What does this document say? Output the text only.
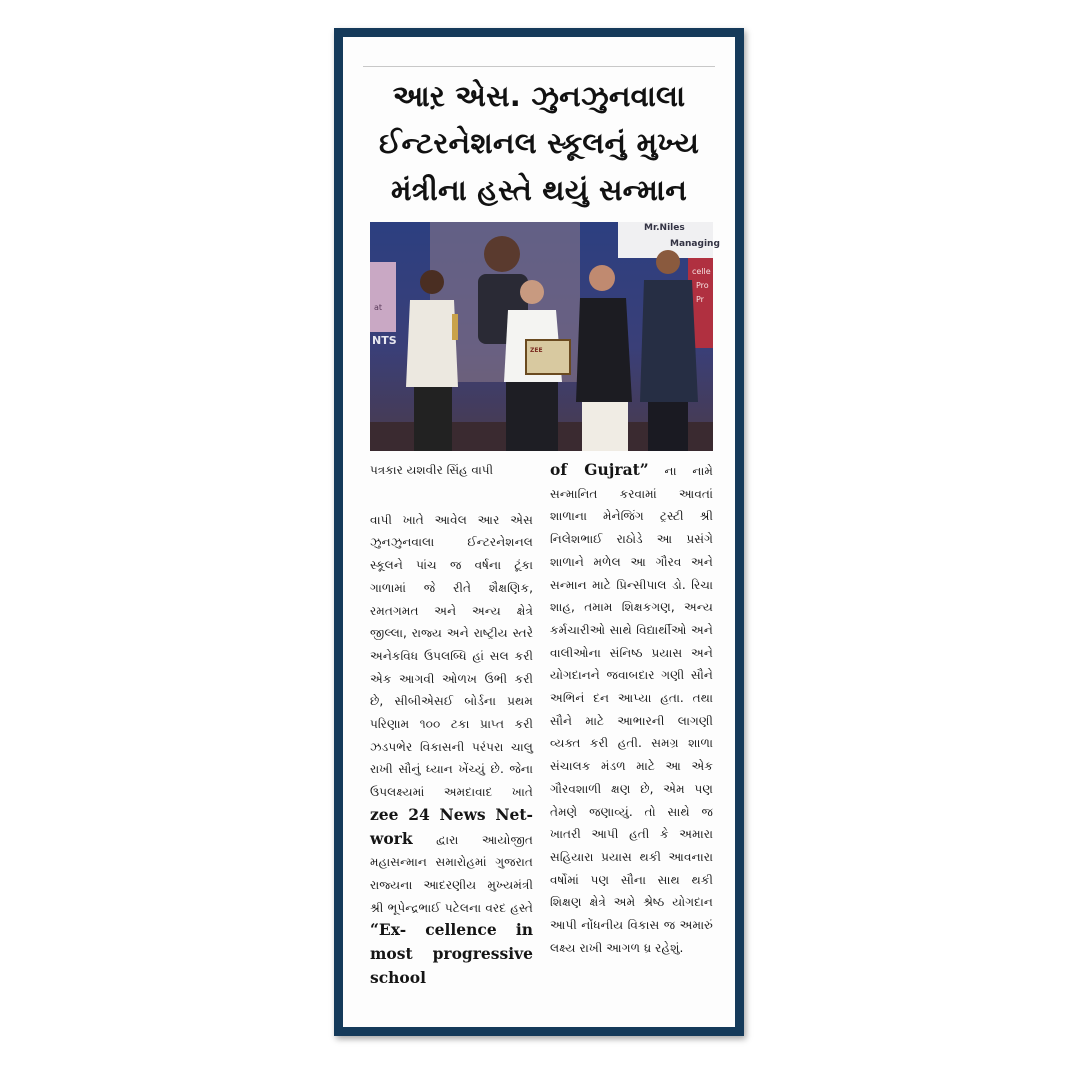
આર઼ એસ. ઝુનઝુનવાલા
ઈન્ટરનેશનલ સ્કૂલનું મુખ્ય
મંત્રીના હસ્તે થયું સન્માન
NTS
at
Mr.Niles
Managing
celle
Pro
Pr
ZEE
પત્રકાર યશવીર સિંહ વાપી

વાપી ખાતે આવેલ આર એસ ઝુનઝુનવાલા ઈન્ટરનેશનલ સ્કૂલને પાંચ જ વર્ષના ટૂંકા ગાળામાં જે રીતે શૈક્ષણિક, રમતગમત અને અન્ય ક્ષેત્રે જીલ્લા, રાજ્ય અને રાષ્ટ્રીય સ્તરે અનેકવિધ ઉપલબ્ધિ હાં સલ કરી એક આગવી ઓળખ ઉભી કરી છે, સીબીએસઈ બોર્ડના પ્રથમ પરિણામ ૧૦૦ ટકા પ્રાપ્ત કરી ઝડપભેર વિકાસની પરંપરા ચાલુ રાખી સૌનું ધ્યાન ખેંચ્યું છે. જેના ઉપલક્ષ્યમાં અમદાવાદ ખાતે zee 24 News Net- work દ્વારા આયોજીત મહાસન્માન સમારોહમાં ગુજરાત રાજ્યના આદરણીય મુખ્યમંત્રી શ્રી ભૂપેન્દ્રભાઈ પટેલના વરદ હસ્તે “Ex- cellence in most progressive school

of Gujrat” ના નામે સન્માનિત કરવામાં આવતાં શાળાના મેનેજિંગ ટ્રસ્ટી શ્રી નિલેશભાઈ રાઠોડે આ પ્રસંગે શાળાને મળેલ આ ગૌરવ અને સન્માન માટે પ્રિન્સીપાલ ડો. રિચા શાહ, તમામ શિક્ષકગણ, અન્ય કર્મચારીઓ સાથે વિદ્યાર્થીઓ અને વાલીઓના સંનિષ્ઠ પ્રયાસ અને યોગદાનને જવાબદાર ગણી સૌને અભિનં દન આપ્યા હતા. તથા સૌને માટે આભારની લાગણી વ્યક્ત કરી હતી. સમગ્ર શાળા સંચાલક મંડળ માટે આ એક ગૌરવશાળી ક્ષણ છે, એમ પણ તેમણે જણાવ્યું. તો સાથે જ ખાતરી આપી હતી કે અમારા સહિયારા પ્રયાસ થકી આવનારા વર્ષોમાં પણ સૌના સાથ થકી શિક્ષણ ક્ષેત્રે અમે શ્રેષ્ઠ યોગદાન આપી નોંધનીય વિકાસ જ અમારું લક્ષ્ય રાખી આગળ ધ્ર રહેશું.
